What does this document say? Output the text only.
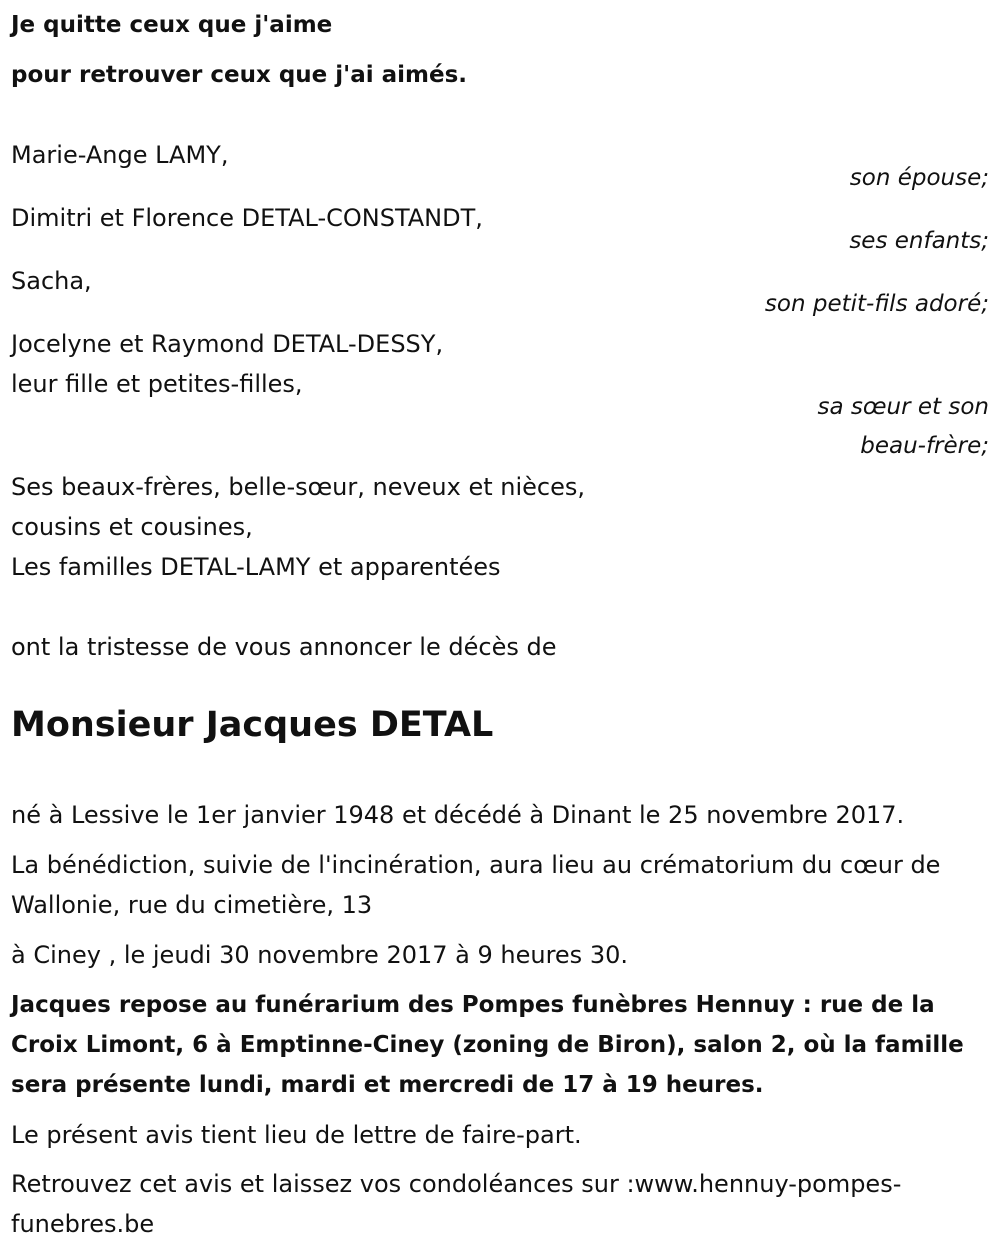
Je quitte ceux que j'aime

pour retrouver ceux que j'ai aimés.

Marie-Ange LAMY,
son épouse;
Dimitri et Florence DETAL-CONSTANDT,
ses enfants;
Sacha,
son petit-fils adoré;
Jocelyne et Raymond DETAL-DESSY,
leur fille et petites-filles,
sa sœur et son
beau-frère;
Ses beaux-frères, belle-sœur, neveux et nièces,
cousins et cousines,
Les familles DETAL-LAMY et apparentées
ont la tristesse de vous annoncer le décès de
Monsieur Jacques DETAL
né à Lessive le 1er janvier 1948 et décédé à Dinant le 25 novembre 2017.
La bénédiction, suivie de l'incinération, aura lieu au crématorium du cœur de Wallonie, rue du cimetière, 13
à Ciney , le jeudi 30 novembre 2017 à 9 heures 30.
Jacques repose au funérarium des Pompes funèbres Hennuy : rue de la Croix Limont, 6 à Emptinne-Ciney (zoning de Biron), salon 2, où la famille sera présente lundi, mardi et mercredi de 17 à 19 heures.
Le présent avis tient lieu de lettre de faire-part.
Retrouvez cet avis et laissez vos condoléances sur :www.hennuy-pompes-funebres.be
